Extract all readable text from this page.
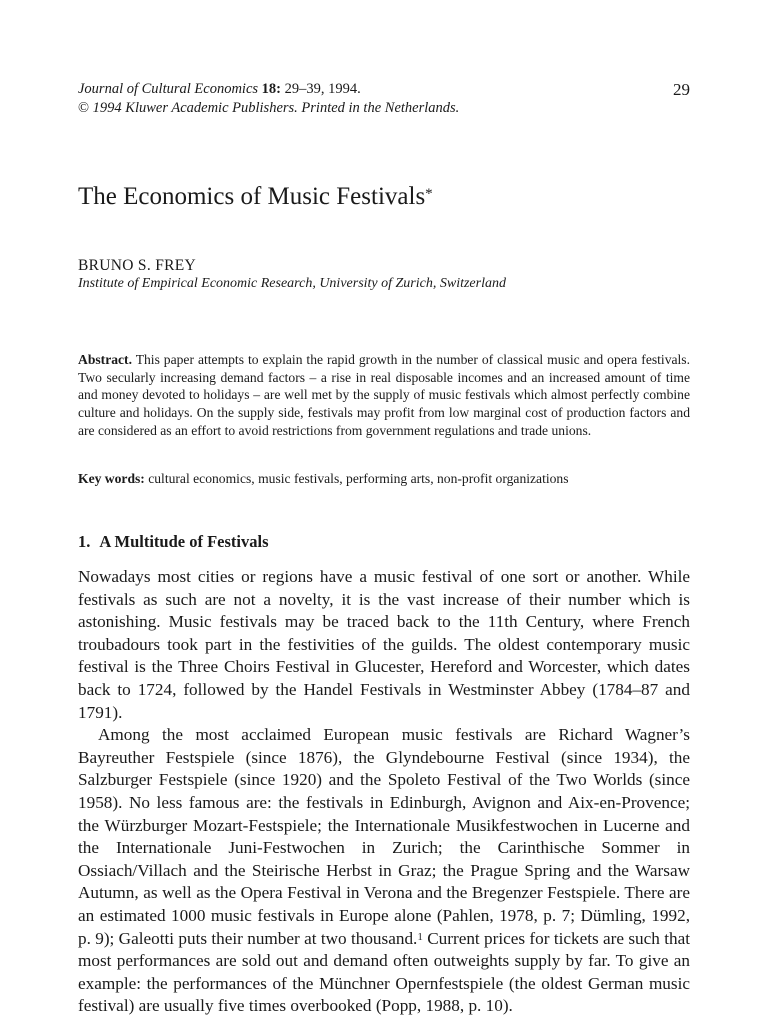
Journal of Cultural Economics 18: 29–39, 1994.
© 1994 Kluwer Academic Publishers. Printed in the Netherlands.
29
The Economics of Music Festivals*
BRUNO S. FREY
Institute of Empirical Economic Research, University of Zurich, Switzerland

Abstract. This paper attempts to explain the rapid growth in the number of classical music and opera festivals. Two secularly increasing demand factors – a rise in real disposable incomes and an increased amount of time and money devoted to holidays – are well met by the supply of music festivals which almost perfectly combine culture and holidays. On the supply side, festivals may profit from low marginal cost of production factors and are considered as an effort to avoid restrictions from government regulations and trade unions.

Key words: cultural economics, music festivals, performing arts, non-profit organizations

1. A Multitude of Festivals

Nowadays most cities or regions have a music festival of one sort or another. While festivals as such are not a novelty, it is the vast increase of their number which is astonishing. Music festivals may be traced back to the 11th Century, where French troubadours took part in the festivities of the guilds. The oldest contemporary music festival is the Three Choirs Festival in Glucester, Hereford and Worcester, which dates back to 1724, followed by the Handel Festivals in Westminster Abbey (1784–87 and 1791).

Among the most acclaimed European music festivals are Richard Wagner’s Bayreuther Festspiele (since 1876), the Glyndebourne Festival (since 1934), the Salzburger Festspiele (since 1920) and the Spoleto Festival of the Two Worlds (since 1958). No less famous are: the festivals in Edinburgh, Avignon and Aix-en-Provence; the Würzburger Mozart-Festspiele; the Internationale Musikfestwochen in Lucerne and the Internationale Juni-Festwochen in Zurich; the Carinthische Sommer in Ossiach/Villach and the Steirische Herbst in Graz; the Prague Spring and the Warsaw Autumn, as well as the Opera Festival in Verona and the Bregenzer Festspiele. There are an estimated 1000 music festivals in Europe alone (Pahlen, 1978, p. 7; Dümling, 1992, p. 9); Galeotti puts their number at two thousand.$^1$ Current prices for tickets are such that most performances are sold out and demand often outweights supply by far. To give an example: the performances of the Münchner Opernfestspiele (the oldest German music festival) are usually five times overbooked (Popp, 1988, p. 10).
